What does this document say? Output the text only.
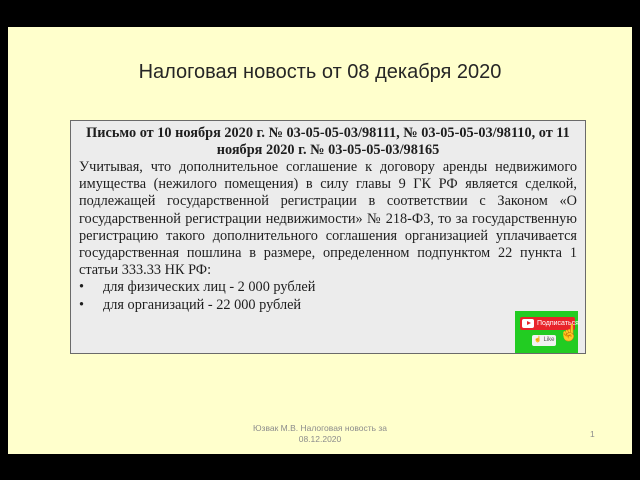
Налоговая новость от 08 декабря 2020

Письмо от 10 ноября 2020 г. № 03-05-05-03/98111, № 03-05-05-03/98110, от 11 ноября 2020 г. № 03-05-05-03/98165

Учитывая, что дополнительное соглашение к договору аренды недвижимого имущества (нежилого помещения) в силу главы 9 ГК РФ является сделкой, подлежащей государственной регистрации в соответствии с Законом «О государственной регистрации недвижимости» № 218-ФЗ, то за государственную регистрацию такого дополнительного соглашения организацией уплачивается государственная пошлина в размере, определенном подпунктом 22 пункта 1 статьи 333.33 НК РФ:

• для физических лиц - 2 000 рублей
• для организаций - 22 000 рублей
Подписаться
☝ Like ☝
Юзвак М.В. Налоговая новость за
08.12.2020	1
